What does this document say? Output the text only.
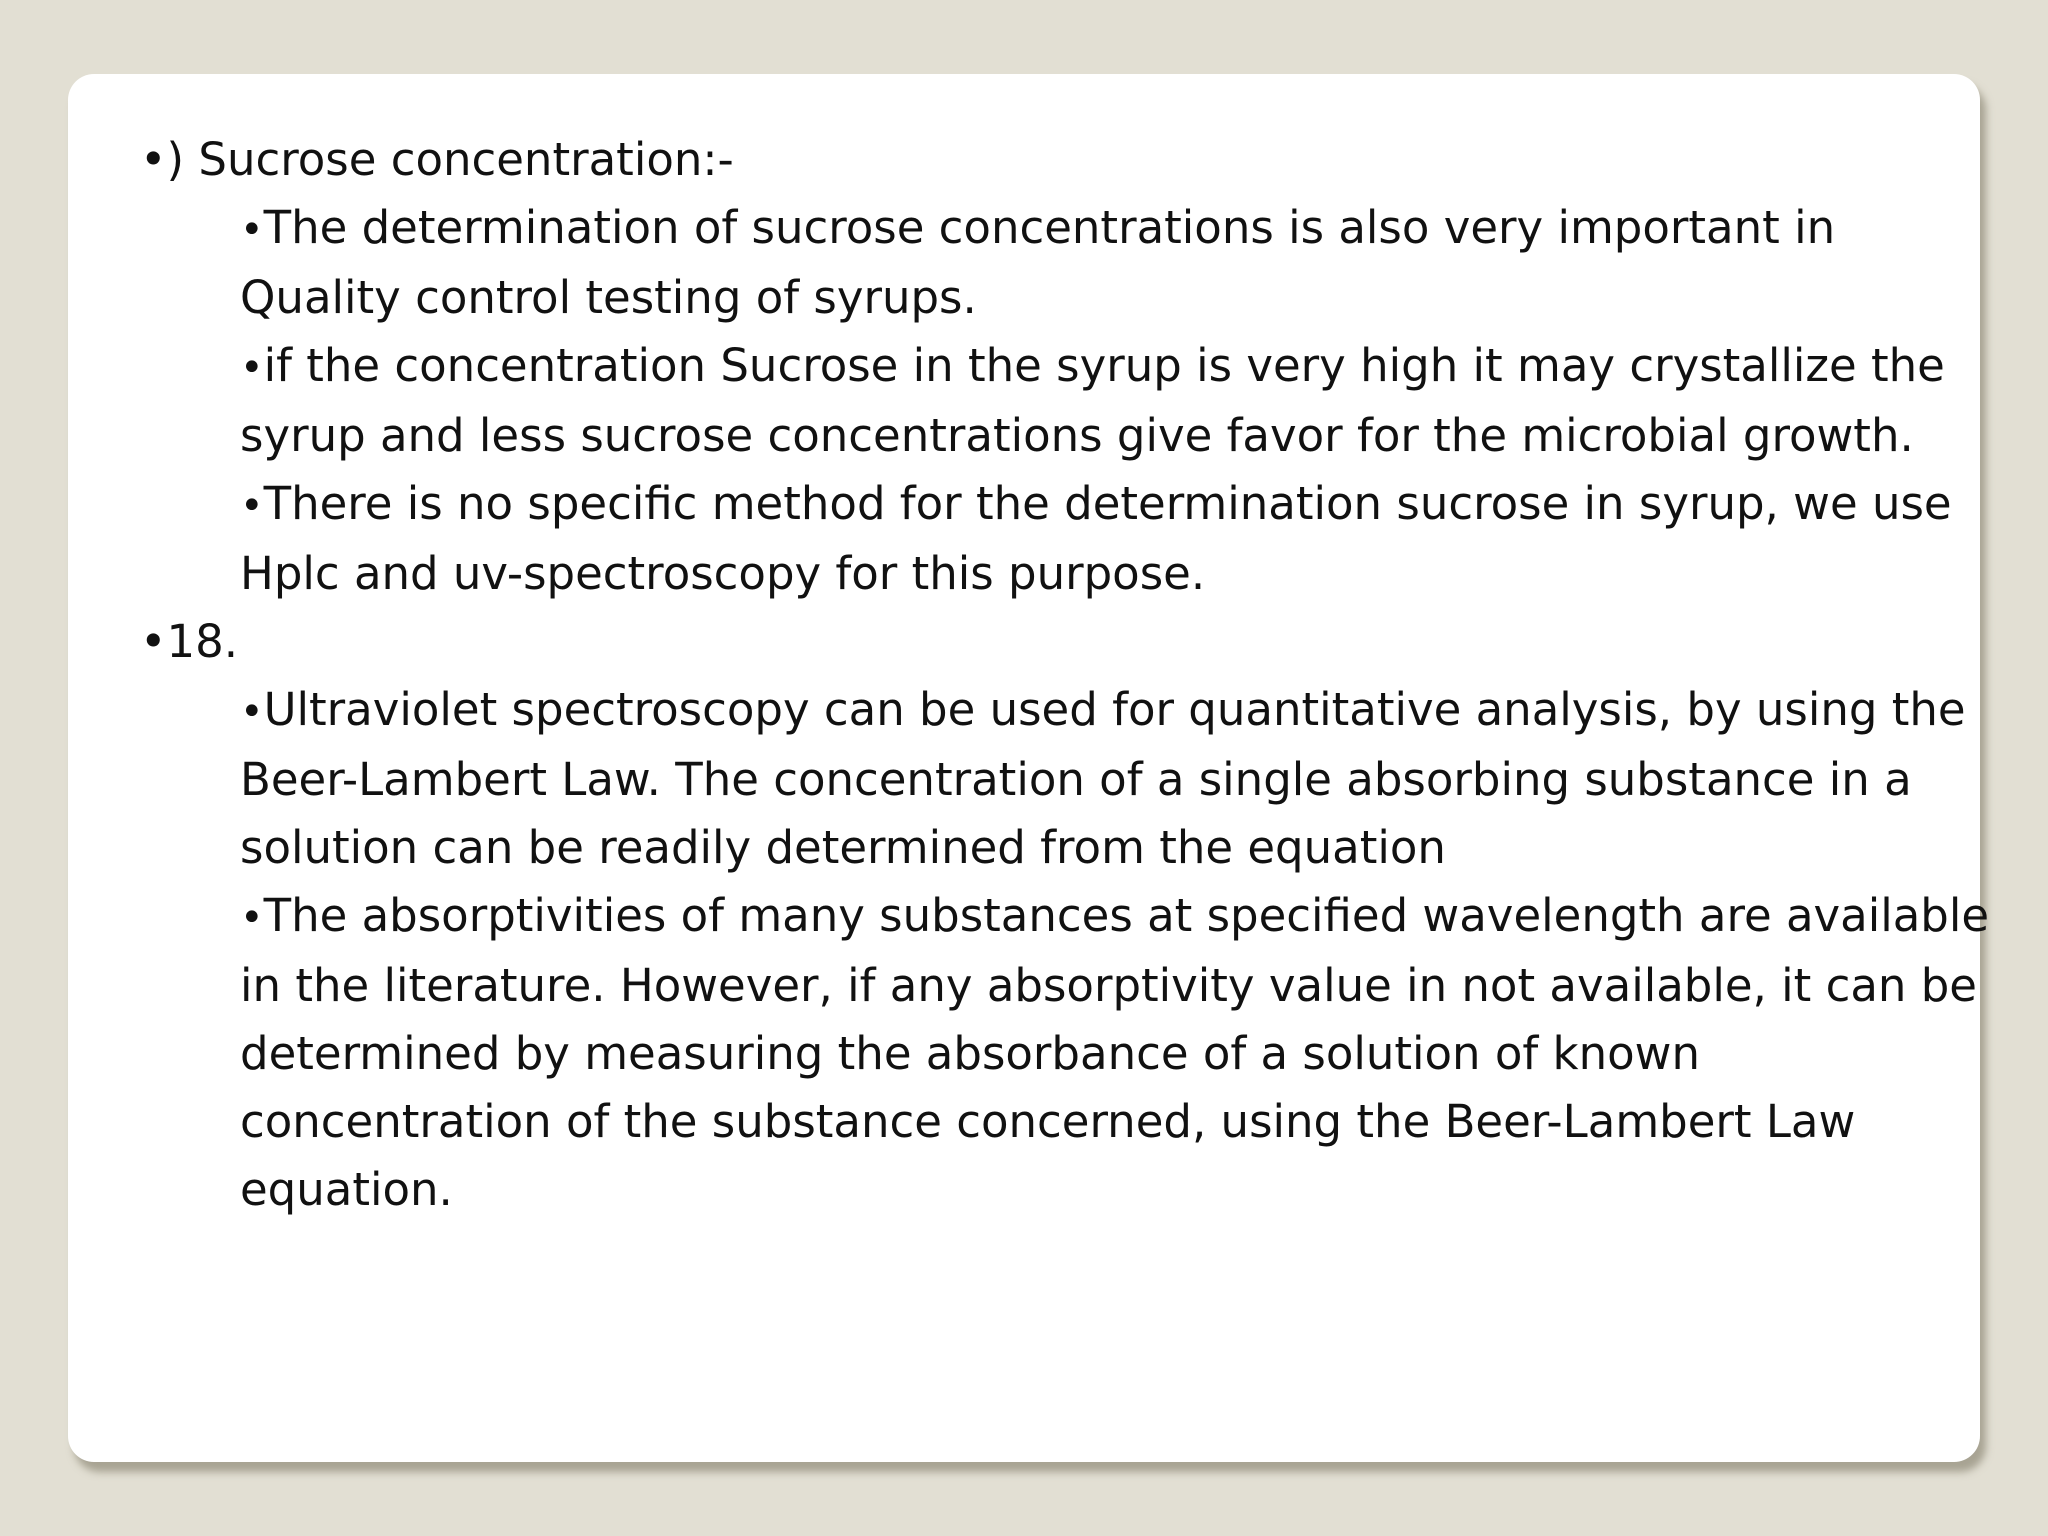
•) Sucrose concentration:-

•The determination of sucrose concentrations is also very important in Quality control testing of syrups.
•if the concentration Sucrose in the syrup is very high it may crystallize the syrup and less sucrose concentrations give favor for the microbial growth.
•There is no specific method for the determination sucrose in syrup, we use Hplc and uv-spectroscopy for this purpose.

•18.

•Ultraviolet spectroscopy can be used for quantitative analysis, by using the Beer-Lambert Law. The concentration of a single absorbing substance in a solution can be readily determined from the equation
•The absorptivities of many substances at specified wavelength are available in the literature. However, if any absorptivity value in not available, it can be determined by measuring the absorbance of a solution of known concentration of the substance concerned, using the Beer-Lambert Law equation.
